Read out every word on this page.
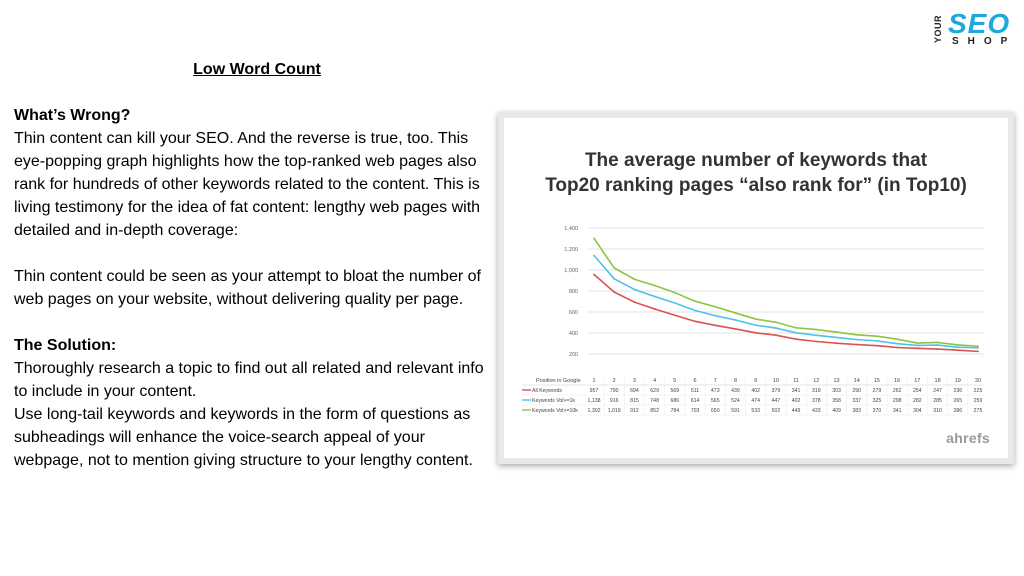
YOUR SEO
SHOP

Low Word Count

What’s Wrong?

Thin content can kill your SEO. And the reverse is true, too. This eye-popping graph highlights how the top-ranked web pages also rank for hundreds of other keywords related to the content. This is living testimony for the idea of fat content: lengthy web pages with detailed and in-depth coverage:

Thin content could be seen as your attempt to bloat the number of web pages on your website, without delivering quality per page.

The Solution:

Thoroughly research a topic to find out all related and relevant info to include in your content.

Use long-tail keywords and keywords in the form of questions as subheadings will enhance the voice-search appeal of your webpage, not to mention giving structure to your lengthy content.

The average number of keywords that
Top20 ranking pages “also rank for” (in Top10)
1,400
1,200
1,000
800
600
400
200
Position in Google 1	2	3	4	5	6	7	8	9	10	11	12	13	14	15	16	17	18	19	20
All Keywords	957 790 694 629 569 511 473 439 402 379 341 319 303 290 279 262 254 247 236 225
Keywords Vol>=1k 1,138 916 815 748 686 614 565 524 474 447 402 378 358 337 325 298 282 285 265 259
Keywords Vol>=10k 1,302 1,019 912 852 784 703 650 591 533 502 449 433 409 383 370 341 304 310 286 275
ahrefs
